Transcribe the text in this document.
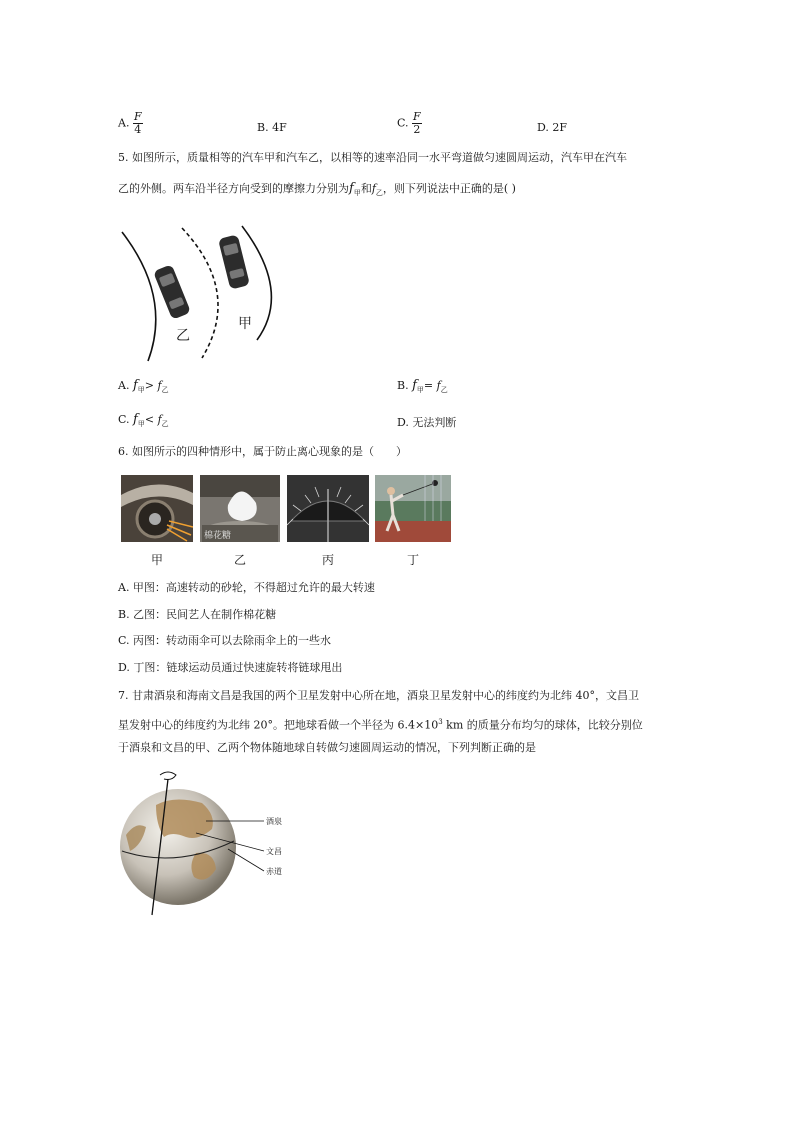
A. $\frac{F}{4}$	B. 4F	C. $\frac{F}{2}$	D. 2F
5. 如图所示，质量相等的汽车甲和汽车乙，以相等的速率沿同一水平弯道做匀速圆周运动，汽车甲在汽车
乙的外侧。两车沿半径方向受到的摩擦力分别为$f_甲$和$f_乙$，则下列说法中正确的是( )
乙
甲
A. $f_甲> f_乙$	B. $f_甲= f_乙$
C. $f_甲< f_乙$	D. 无法判断
6. 如图所示的四种情形中，属于防止离心现象的是（　　）
棉花糖
甲	乙	丙	丁
A. 甲图：高速转动的砂轮，不得超过允许的最大转速
B. 乙图：民间艺人在制作棉花糖
C. 丙图：转动雨伞可以去除雨伞上的一些水
D. 丁图：链球运动员通过快速旋转将链球甩出
7. 甘肃酒泉和海南文昌是我国的两个卫星发射中心所在地，酒泉卫星发射中心的纬度约为北纬 40°，文昌卫
星发射中心的纬度约为北纬 20°。把地球看做一个半径为 $6.4\times 10^3$ km 的质量分布均匀的球体，比较分别位
于酒泉和文昌的甲、乙两个物体随地球自转做匀速圆周运动的情况，下列判断正确的是
酒泉
文昌
赤道
